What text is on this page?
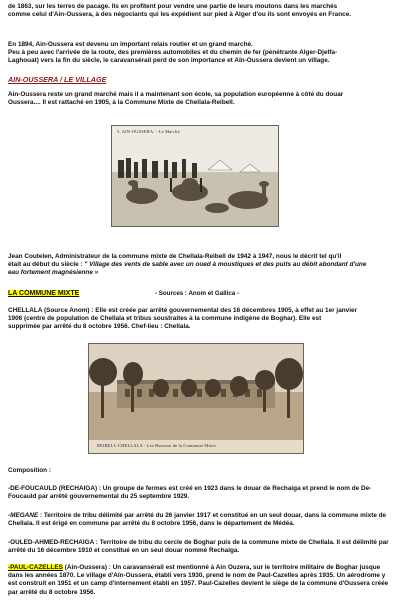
de 1863, sur les terres de pacage. Ils en profitent pour vendre une partie de leurs moutons dans les marchés
comme celui d'Ain-Oussera, à des négociants qui les expédient sur pied à Alger d'ou ils sont envoyés en France.
En 1894, Ain-Oussera est devenu un important relais routier et un grand marché.
Peu à peu avec l'arrivée de la route, des premières automobiles et du chemin de fer (pénétrante Alger-Djelfa-
Laghouat) vers la fin du siècle, le caravansérail perd de son importance et Aïn-Oussera devient un village.
AIN-OUSSERA / LE VILLAGE
Ain-Oussera reste un grand marché mais il a maintenant son école, sa population européenne à côté du douar
Oussera.... Il est rattaché en 1905, à la Commune Mixte de Chellala-Reibell.
5. AIN-OUSSERA. - Le Marché
Jean Coutelen, Administrateur de la commune mixte de Chellala-Reibell de 1942 à 1947, nous le décrit tel qu'il
était au début du siècle : " Village des vents de sable avec un oued à moustiques et des puits au débit abondant d'une
eau fortement magnésienne »
LA COMMUNE MIXTE	- Sources : Anom et Gallica -
CHELLALA (Source Anom) : Elle est créée par arrêté gouvernemental des 16 décembres 1905, à effet au 1er janvier
1906 (centre de population de Chellala et tribus soustraites à la commune indigène de Boghar). Elle est
supprimée par arrêté du 8 octobre 1956. Chef-lieu : Chellala.
REIBELL-CHELLALA - Les Bureaux de la Commune Mixte
Composition :
-DE-FOUCAULD (RECHAIGA) : Un groupe de fermes est créé en 1923 dans le douar de Rechaiga et prend le nom de De-
Foucauld par arrêté gouvernemental du 25 septembre 1929.
-MEGANE : Territoire de tribu délimité par arrêté du 26 janvier 1917 et constitué en un seul douar, dans la commune mixte de
Chellala. Il est érigé en commune par arrêté du 8 octobre 1956, dans le département de Médéa.
-OULED-AHMED-RECHAIGA : Territoire de tribu du cercle de Boghar puis de la commune mixte de Chellala. Il est délimité par
arrêté du 16 décembre 1910 et constitué en un seul douar nommé Rechaiga.
-PAUL-CAZELLES (Ain-Oussera) : Un caravansérail est mentionné à Ain Ouzera, sur le territoire militaire de Boghar jusque
dans les années 1870. Le village d'Aïn-Oussera, établi vers 1930, prend le nom de Paul-Cazelles après 1935. Un aérodrome y
est construit en 1951 et un camp d'internement établi en 1957. Paul-Cazelles devient le siège de la commune d'Oussera créée
par arrêté du 8 octobre 1956.
